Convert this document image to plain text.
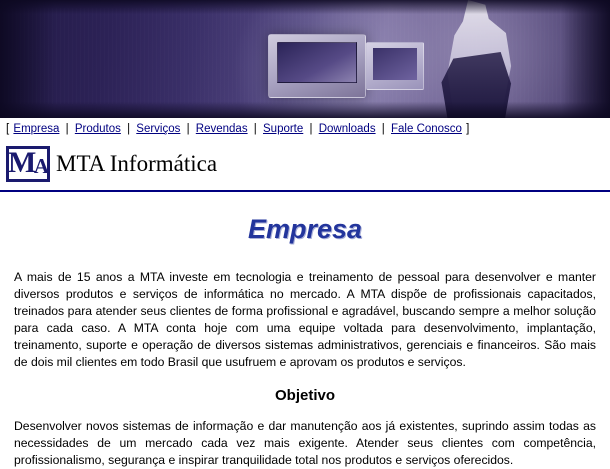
[ Empresa | Produtos | Serviços | Revendas | Suporte | Downloads | Fale Conosco ]
M A MTA Informática
Empresa
A mais de 15 anos a MTA investe em tecnologia e treinamento de pessoal para desenvolver e manter diversos produtos e serviços de informática no mercado. A MTA dispõe de profissionais capacitados, treinados para atender seus clientes de forma profissional e agradável, buscando sempre a melhor solução para cada caso. A MTA conta hoje com uma equipe voltada para desenvolvimento, implantação, treinamento, suporte e operação de diversos sistemas administrativos, gerenciais e financeiros. São mais de dois mil clientes em todo Brasil que usufruem e aprovam os produtos e serviços.
Objetivo
Desenvolver novos sistemas de informação e dar manutenção aos já existentes, suprindo assim todas as necessidades de um mercado cada vez mais exigente. Atender seus clientes com competência, profissionalismo, segurança e inspirar tranquilidade total nos produtos e serviços oferecidos.
